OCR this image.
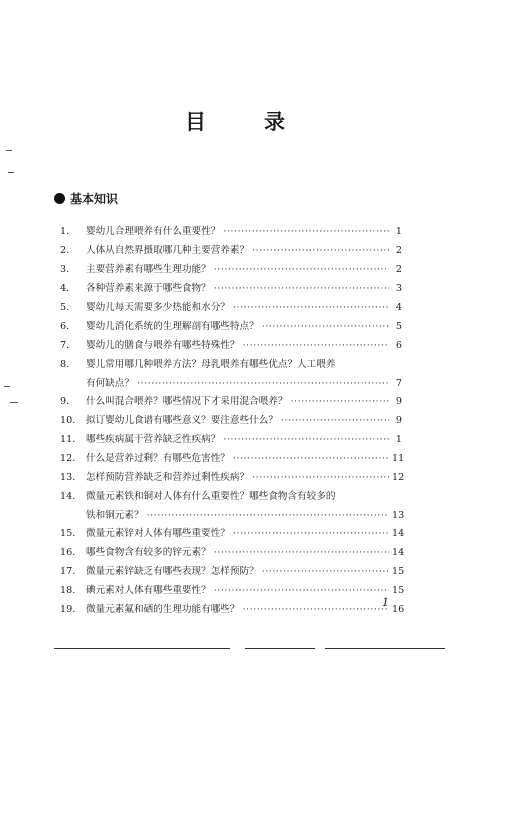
目	录
基本知识
1.	婴幼儿合理喂养有什么重要性？ ·····	1
2.	人体从自然界摄取哪几种主要营养素？ ·····	2
3.	主要营养素有哪些生理功能？ ·····	2
4.	各种营养素来源于哪些食物？ ·····	3
5.	婴幼儿每天需要多少热能和水分？ ·····	4
6.	婴幼儿消化系统的生理解剖有哪些特点？ ·····	5
7.	婴幼儿的膳食与喂养有哪些特殊性？ ·····	6
8.	婴儿常用哪几种喂养方法？母乳喂养有哪些优点？人工喂养
有何缺点？ ·····	7
9.	什么叫混合喂养？哪些情况下才采用混合喂养？ ·····	9
10.	拟订婴幼儿食谱有哪些意义？要注意些什么？ ·····	9
11.	哪些疾病属于营养缺乏性疾病？ ·····	1
12.	什么是营养过剩？有哪些危害性？ ·····	11
13.	怎样预防营养缺乏和营养过剩性疾病？ ·····	12
14.	微量元素铁和铜对人体有什么重要性？哪些食物含有较多的
铁和铜元素？ ·····	13
15.	微量元素锌对人体有哪些重要性？ ·····	14
16.	哪些食物含有较多的锌元素？ ·····	14
17.	微量元素锌缺乏有哪些表现？怎样预防？ ·····	15
18.	碘元素对人体有哪些重要性？ ·····	15
19.	微量元素氟和硒的生理功能有哪些？ ·····	16
1
